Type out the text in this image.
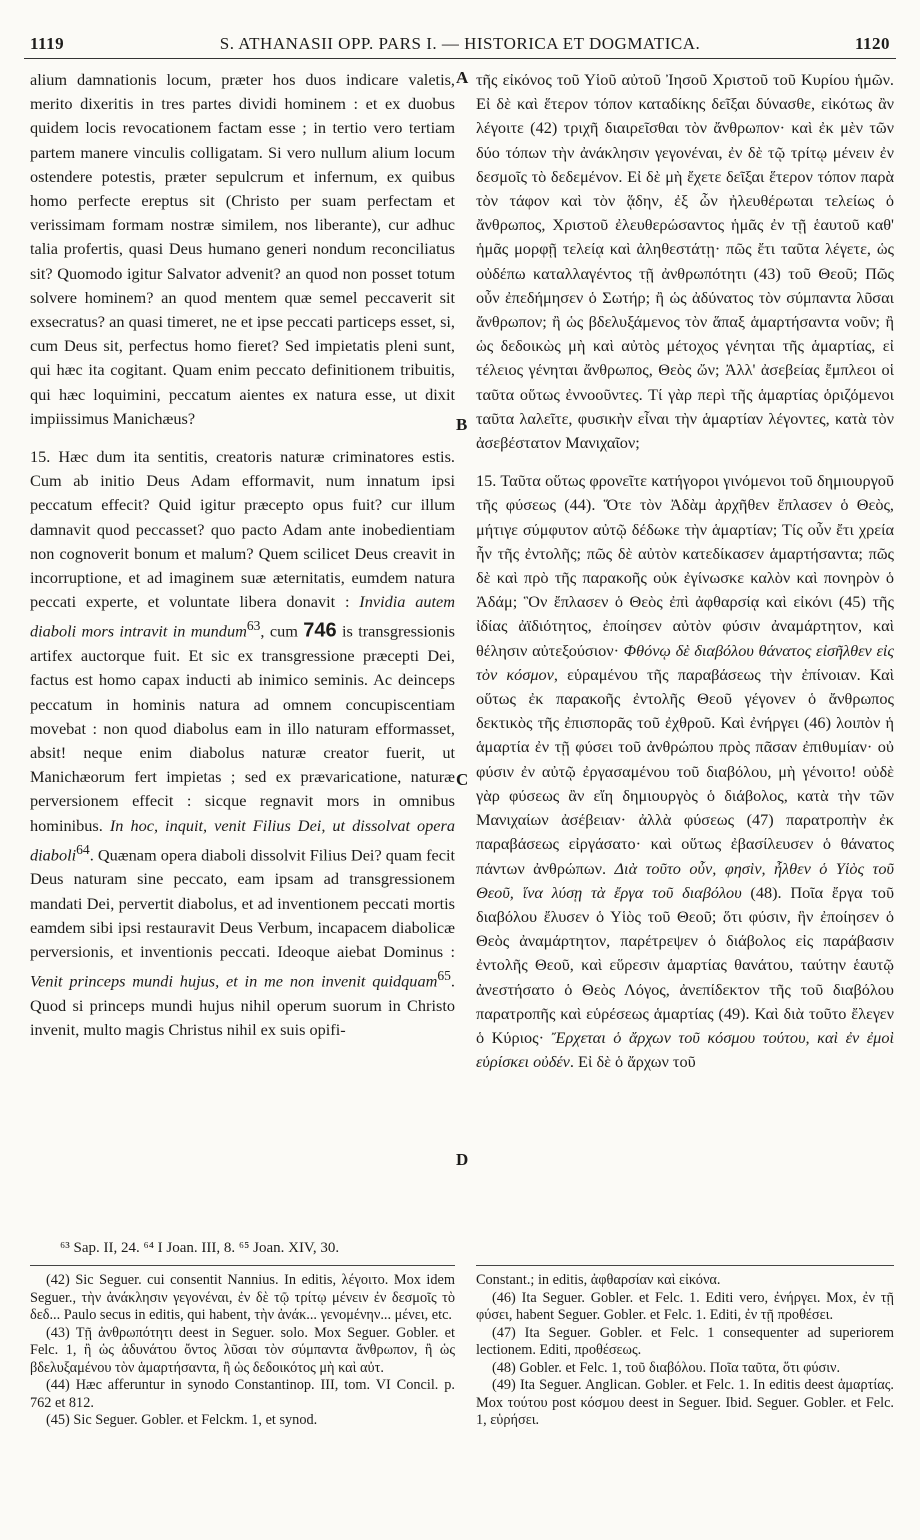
1119	S. ATHANASII OPP. PARS I. — HISTORICA ET DOGMATICA.	1120
A
B
C
D

alium damnationis locum, præter hos duos indicare valetis, merito dixeritis in tres partes dividi hominem : et ex duobus quidem locis revocationem factam esse ; in tertio vero tertiam partem manere vinculis colligatam. Si vero nullum alium locum ostendere potestis, præter sepulcrum et infernum, ex quibus homo perfecte ereptus sit (Christo per suam perfectam et verissimam formam nostræ similem, nos liberante), cur adhuc talia profertis, quasi Deus humano generi nondum reconciliatus sit? Quomodo igitur Salvator advenit? an quod non posset totum solvere hominem? an quod mentem quæ semel peccaverit sit exsecratus? an quasi timeret, ne et ipse peccati particeps esset, si, cum Deus sit, perfectus homo fieret? Sed impietatis pleni sunt, qui hæc ita cogitant. Quam enim peccato definitionem tribuitis, qui hæc loquimini, peccatum aientes ex natura esse, ut dixit impiissimus Manichæus?

15. Hæc dum ita sentitis, creatoris naturæ criminatores estis. Cum ab initio Deus Adam efformavit, num innatum ipsi peccatum effecit? Quid igitur præcepto opus fuit? cur illum damnavit quod peccasset? quo pacto Adam ante inobedientiam non cognoverit bonum et malum? Quem scilicet Deus creavit in incorruptione, et ad imaginem suæ æternitatis, eumdem natura peccati experte, et voluntate libera donavit : Invidia autem diaboli mors intravit in mundum$^{63}$, cum 746 is transgressionis artifex auctorque fuit. Et sic ex transgressione præcepti Dei, factus est homo capax inducti ab inimico seminis. Ac deinceps peccatum in hominis natura ad omnem concupiscentiam movebat : non quod diabolus eam in illo naturam efformasset, absit! neque enim diabolus naturæ creator fuerit, ut Manichæorum fert impietas ; sed ex prævaricatione, naturæ perversionem effecit : sicque regnavit mors in omnibus hominibus. In hoc, inquit, venit Filius Dei, ut dissolvat opera diaboli$^{64}$. Quænam opera diaboli dissolvit Filius Dei? quam fecit Deus naturam sine peccato, eam ipsam ad transgressionem mandati Dei, pervertit diabolus, et ad inventionem peccati mortis eamdem sibi ipsi restauravit Deus Verbum, incapacem diabolicæ perversionis, et inventionis peccati. Ideoque aiebat Dominus : Venit princeps mundi hujus, et in me non invenit quidquam$^{65}$. Quod si princeps mundi hujus nihil operum suorum in Christo invenit, multo magis Christus nihil ex suis opifi-

τῆς εἰκόνος τοῦ Υἱοῦ αὐτοῦ Ἰησοῦ Χριστοῦ τοῦ Κυρίου ἡμῶν. Εἰ δὲ καὶ ἕτερον τόπον καταδίκης δεῖξαι δύνασθε, εἰκότως ἂν λέγοιτε (42) τριχῆ διαιρεῖσθαι τὸν ἄνθρωπον· καὶ ἐκ μὲν τῶν δύο τόπων τὴν ἀνάκλησιν γεγονέναι, ἐν δὲ τῷ τρίτῳ μένειν ἐν δεσμοῖς τὸ δεδεμένον. Εἰ δὲ μὴ ἔχετε δεῖξαι ἕτερον τόπον παρὰ τὸν τάφον καὶ τὸν ᾅδην, ἐξ ὧν ἠλευθέρωται τελείως ὁ ἄνθρωπος, Χριστοῦ ἐλευθερώσαντος ἡμᾶς ἐν τῇ ἑαυτοῦ καθ' ἡμᾶς μορφῇ τελείᾳ καὶ ἀληθεστάτῃ· πῶς ἔτι ταῦτα λέγετε, ὡς οὐδέπω καταλλαγέντος τῇ ἀνθρωπότητι (43) τοῦ Θεοῦ; Πῶς οὖν ἐπεδήμησεν ὁ Σωτήρ; ἢ ὡς ἀδύνατος τὸν σύμπαντα λῦσαι ἄνθρωπον; ἢ ὡς βδελυξάμενος τὸν ἅπαξ ἁμαρτήσαντα νοῦν; ἢ ὡς δεδοικὼς μὴ καὶ αὐτὸς μέτοχος γένηται τῆς ἁμαρτίας, εἰ τέλειος γένηται ἄνθρωπος, Θεὸς ὤν; Ἀλλ' ἀσεβείας ἔμπλεοι οἱ ταῦτα οὕτως ἐννοοῦντες. Τί γὰρ περὶ τῆς ἁμαρτίας ὁριζόμενοι ταῦτα λαλεῖτε, φυσικὴν εἶναι τὴν ἁμαρτίαν λέγοντες, κατὰ τὸν ἀσεβέστατον Μανιχαῖον;

15. Ταῦτα οὕτως φρονεῖτε κατήγοροι γινόμενοι τοῦ δημιουργοῦ τῆς φύσεως (44). Ὅτε τὸν Ἀδὰμ ἀρχῆθεν ἔπλασεν ὁ Θεὸς, μήτιγε σύμφυτον αὐτῷ δέδωκε τὴν ἁμαρτίαν; Τίς οὖν ἔτι χρεία ἦν τῆς ἐντολῆς; πῶς δὲ αὐτὸν κατεδίκασεν ἁμαρτήσαντα; πῶς δὲ καὶ πρὸ τῆς παρακοῆς οὐκ ἐγίνωσκε καλὸν καὶ πονηρὸν ὁ Ἀδάμ; Ὃν ἔπλασεν ὁ Θεὸς ἐπὶ ἀφθαρσίᾳ καὶ εἰκόνι (45) τῆς ἰδίας ἀϊδιότητος, ἐποίησεν αὐτὸν φύσιν ἀναμάρτητον, καὶ θέλησιν αὐτεξούσιον· Φθόνῳ δὲ διαβόλου θάνατος εἰσῆλθεν εἰς τὸν κόσμον, εὑραμένου τῆς παραβάσεως τὴν ἐπίνοιαν. Καὶ οὕτως ἐκ παρακοῆς ἐντολῆς Θεοῦ γέγονεν ὁ ἄνθρωπος δεκτικὸς τῆς ἐπισπορᾶς τοῦ ἐχθροῦ. Καὶ ἐνήργει (46) λοιπὸν ἡ ἁμαρτία ἐν τῇ φύσει τοῦ ἀνθρώπου πρὸς πᾶσαν ἐπιθυμίαν· οὐ φύσιν ἐν αὐτῷ ἐργασαμένου τοῦ διαβόλου, μὴ γένοιτο! οὐδὲ γὰρ φύσεως ἂν εἴη δημιουργὸς ὁ διάβολος, κατὰ τὴν τῶν Μανιχαίων ἀσέβειαν· ἀλλὰ φύσεως (47) παρατροπὴν ἐκ παραβάσεως εἰργάσατο· καὶ οὕτως ἐβασίλευσεν ὁ θάνατος πάντων ἀνθρώπων. Διὰ τοῦτο οὖν, φησὶν, ἦλθεν ὁ Υἱὸς τοῦ Θεοῦ, ἵνα λύσῃ τὰ ἔργα τοῦ διαβόλου (48). Ποῖα ἔργα τοῦ διαβόλου ἔλυσεν ὁ Υἱὸς τοῦ Θεοῦ; ὅτι φύσιν, ἣν ἐποίησεν ὁ Θεὸς ἀναμάρτητον, παρέτρεψεν ὁ διάβολος εἰς παράβασιν ἐντολῆς Θεοῦ, καὶ εὕρεσιν ἁμαρτίας θανάτου, ταύτην ἑαυτῷ ἀνεστήσατο ὁ Θεὸς Λόγος, ἀνεπίδεκτον τῆς τοῦ διαβόλου παρατροπῆς καὶ εὑρέσεως ἁμαρτίας (49). Καὶ διὰ τοῦτο ἔλεγεν ὁ Κύριος· Ἔρχεται ὁ ἄρχων τοῦ κόσμου τούτου, καὶ ἐν ἐμοὶ εὑρίσκει οὐδέν. Εἰ δὲ ὁ ἄρχων τοῦ

⁶³ Sap. II, 24. ⁶⁴ I Joan. III, 8. ⁶⁵ Joan. XIV, 30.

(42) Sic Seguer. cui consentit Nannius. In editis, λέγοιτο. Mox idem Seguer., τὴν ἀνάκλησιν γεγονέναι, ἐν δὲ τῷ τρίτῳ μένειν ἐν δεσμοῖς τὸ δεδ... Paulo secus in editis, qui habent, τὴν ἀνάκ... γενομένην... μένει, etc.

(43) Τῇ ἀνθρωπότητι deest in Seguer. solo. Mox Seguer. Gobler. et Felc. 1, ἢ ὡς ἀδυνάτου ὄντος λῦσαι τὸν σύμπαντα ἄνθρωπον, ἢ ὡς βδελυξαμένου τὸν ἁμαρτήσαντα, ἢ ὡς δεδοικότος μὴ καὶ αὐτ.

(44) Hæc afferuntur in synodo Constantinop. III, tom. VI Concil. p. 762 et 812.

(45) Sic Seguer. Gobler. et Felckm. 1, et synod.

Constant.; in editis, ἀφθαρσίαν καὶ εἰκόνα.

(46) Ita Seguer. Gobler. et Felc. 1. Editi vero, ἐνήργει. Mox, ἐν τῇ φύσει, habent Seguer. Gobler. et Felc. 1. Editi, ἐν τῇ προθέσει.

(47) Ita Seguer. Gobler. et Felc. 1 consequenter ad superiorem lectionem. Editi, προθέσεως.

(48) Gobler. et Felc. 1, τοῦ διαβόλου. Ποῖα ταῦτα, ὅτι φύσιν.

(49) Ita Seguer. Anglican. Gobler. et Felc. 1. In editis deest ἁμαρτίας. Mox τούτου post κόσμου deest in Seguer. Ibid. Seguer. Gobler. et Felc. 1, εὑρήσει.
